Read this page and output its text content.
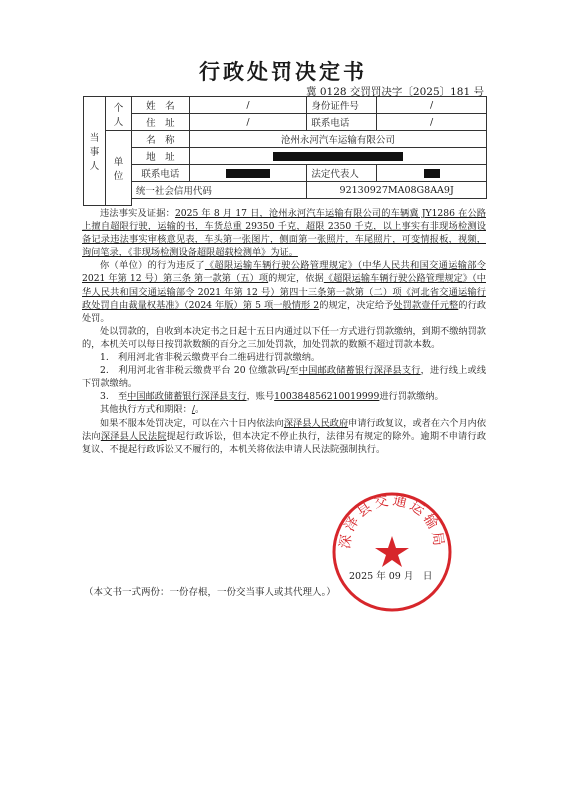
行政处罚决定书
冀 0128 交罚罚决字〔2025〕181 号
当事人	个人	姓　名	/	身份证件号	/
		住　址	/	联系电话	/
	单位	名　称	沧州永河汽车运输有限公司		
		地　址			
		联系电话		法定代表人	
		统一社会信用代码		92130927MA08G8AA9J	

违法事实及证据：2025 年 8 月 17 日，沧州永河汽车运输有限公司的车辆冀 JY1286 在公路上擅自超限行驶，运输的书，车货总重 29350 千克，超限 2350 千克，以上事实有非现场检测设备记录违法事实审核意见表，车头第一张图片，侧面第一张照片，车尾照片，可变情报板，视频，询问笔录，《非现场检测设备超限超载检测单》为证。

你（单位）的行为违反了《超限运输车辆行驶公路管理规定》（中华人民共和国交通运输部令 2021 年第 12 号）第三条 第一款第（五）项的规定，依据《超限运输车辆行驶公路管理规定》（中华人民共和国交通运输部令 2021 年第 12 号）第四十三条第一款第（二）项《河北省交通运输行政处罚自由裁量权基准》（2024 年版）第 5 项一般情形 2的规定，决定给予处罚款壹仟元整的行政处罚。

处以罚款的，自收到本决定书之日起十五日内通过以下任一方式进行罚款缴纳，到期不缴纳罚款的，本机关可以每日按罚款数额的百分之三加处罚款，加处罚款的数额不超过罚款本数。

1.　利用河北省非税云缴费平台二维码进行罚款缴纳。

2.　利用河北省非税云缴费平台 20 位缴款码/至中国邮政储蓄银行深泽县支行，进行线上或线下罚款缴纳。

3.　至中国邮政储蓄银行深泽县支行，账号100384856210019999进行罚款缴纳。

其他执行方式和期限：/。

如果不服本处罚决定，可以在六十日内依法向深泽县人民政府申请行政复议，或者在六个月内依法向深泽县人民法院提起行政诉讼，但本决定不停止执行，法律另有规定的除外。逾期不申请行政复议、不提起行政诉讼又不履行的，本机关将依法申请人民法院强制执行。

深泽县交通运输局
2025 年 09 月　日
（本文书一式两份：一份存根，一份交当事人或其代理人。）
